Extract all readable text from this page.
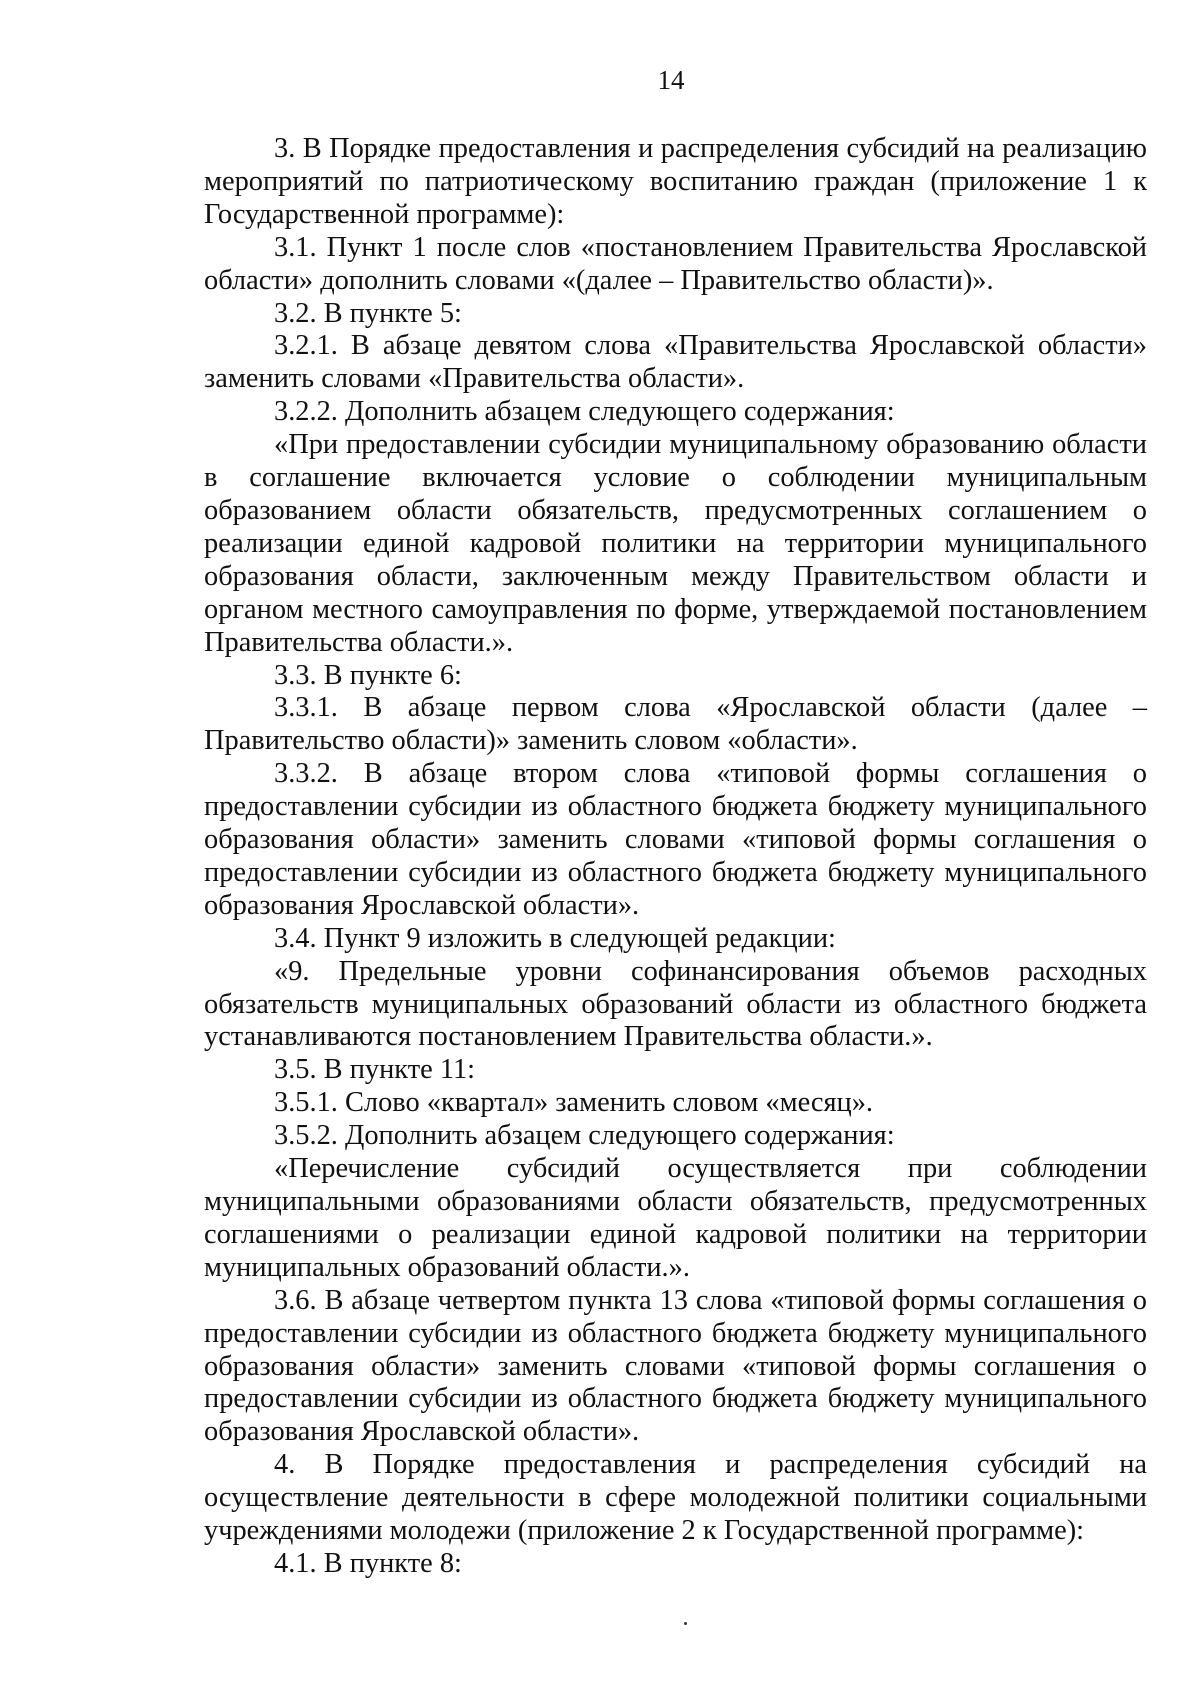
14

3. В Порядке предоставления и распределения субсидий на реализацию мероприятий по патриотическому воспитанию граждан (приложение 1 к Государственной программе):

3.1. Пункт 1 после слов «постановлением Правительства Ярославской области» дополнить словами «(далее – Правительство области)».

3.2. В пункте 5:

3.2.1. В абзаце девятом слова «Правительства Ярославской области» заменить словами «Правительства области».

3.2.2. Дополнить абзацем следующего содержания:

«При предоставлении субсидии муниципальному образованию области в соглашение включается условие о соблюдении муниципальным образованием области обязательств, предусмотренных соглашением о реализации единой кадровой политики на территории муниципального образования области, заключенным между Правительством области и органом местного самоуправления по форме, утверждаемой постановлением Правительства области.».

3.3. В пункте 6:

3.3.1. В абзаце первом слова «Ярославской области (далее – Правительство области)» заменить словом «области».

3.3.2. В абзаце втором слова «типовой формы соглашения о предоставлении субсидии из областного бюджета бюджету муниципального образования области» заменить словами «типовой формы соглашения о предоставлении субсидии из областного бюджета бюджету муниципального образования Ярославской области».

3.4. Пункт 9 изложить в следующей редакции:

«9. Предельные уровни софинансирования объемов расходных обязательств муниципальных образований области из областного бюджета устанавливаются постановлением Правительства области.».

3.5. В пункте 11:

3.5.1. Слово «квартал» заменить словом «месяц».

3.5.2. Дополнить абзацем следующего содержания:

«Перечисление субсидий осуществляется при соблюдении муниципальными образованиями области обязательств, предусмотренных соглашениями о реализации единой кадровой политики на территории муниципальных образований области.».

3.6. В абзаце четвертом пункта 13 слова «типовой формы соглашения о предоставлении субсидии из областного бюджета бюджету муниципального образования области» заменить словами «типовой формы соглашения о предоставлении субсидии из областного бюджета бюджету муниципального образования Ярославской области».

4. В Порядке предоставления и распределения субсидий на осуществление деятельности в сфере молодежной политики социальными учреждениями молодежи (приложение 2 к Государственной программе):

4.1. В пункте 8:
